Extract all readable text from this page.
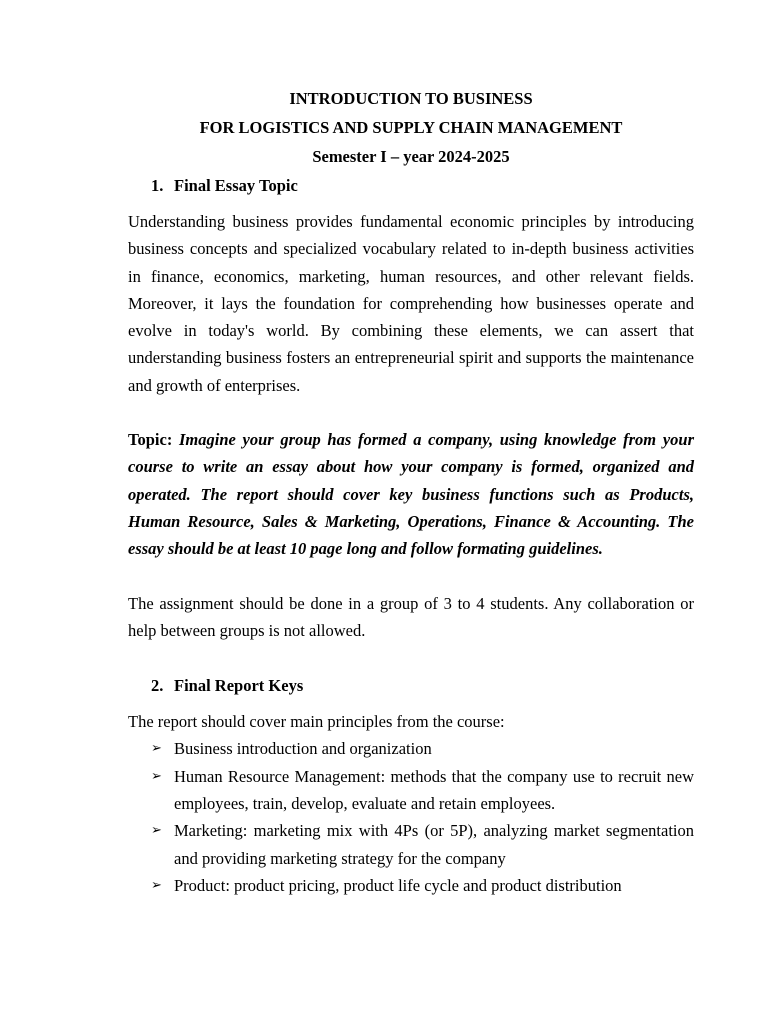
INTRODUCTION TO BUSINESS
FOR LOGISTICS AND SUPPLY CHAIN MANAGEMENT
Semester I – year 2024-2025
1. Final Essay Topic

Understanding business provides fundamental economic principles by introducing business concepts and specialized vocabulary related to in-depth business activities in finance, economics, marketing, human resources, and other relevant fields. Moreover, it lays the foundation for comprehending how businesses operate and evolve in today's world. By combining these elements, we can assert that understanding business fosters an entrepreneurial spirit and supports the maintenance and growth of enterprises.

Topic: Imagine your group has formed a company, using knowledge from your course to write an essay about how your company is formed, organized and operated. The report should cover key business functions such as Products, Human Resource, Sales & Marketing, Operations, Finance & Accounting. The essay should be at least 10 page long and follow formating guidelines.

The assignment should be done in a group of 3 to 4 students. Any collaboration or help between groups is not allowed.

2. Final Report Keys

The report should cover main principles from the course:

➢ Business introduction and organization
➢ Human Resource Management: methods that the company use to recruit new employees, train, develop, evaluate and retain employees.
➢ Marketing: marketing mix with 4Ps (or 5P), analyzing market segmentation and providing marketing strategy for the company
➢ Product: product pricing, product life cycle and product distribution
